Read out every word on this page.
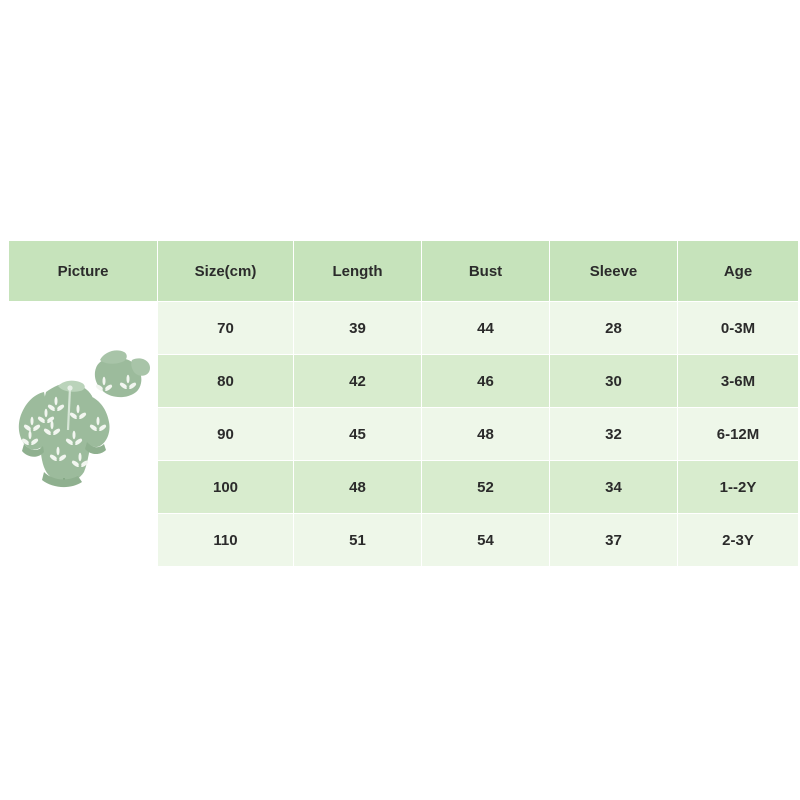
Picture	Size(cm)	Length	Bust	Sleeve	Age
	70	39	44	28	0-3M
	80	42	46	30	3-6M
	90	45	48	32	6-12M
	100	48	52	34	1--2Y
	110	51	54	37	2-3Y
